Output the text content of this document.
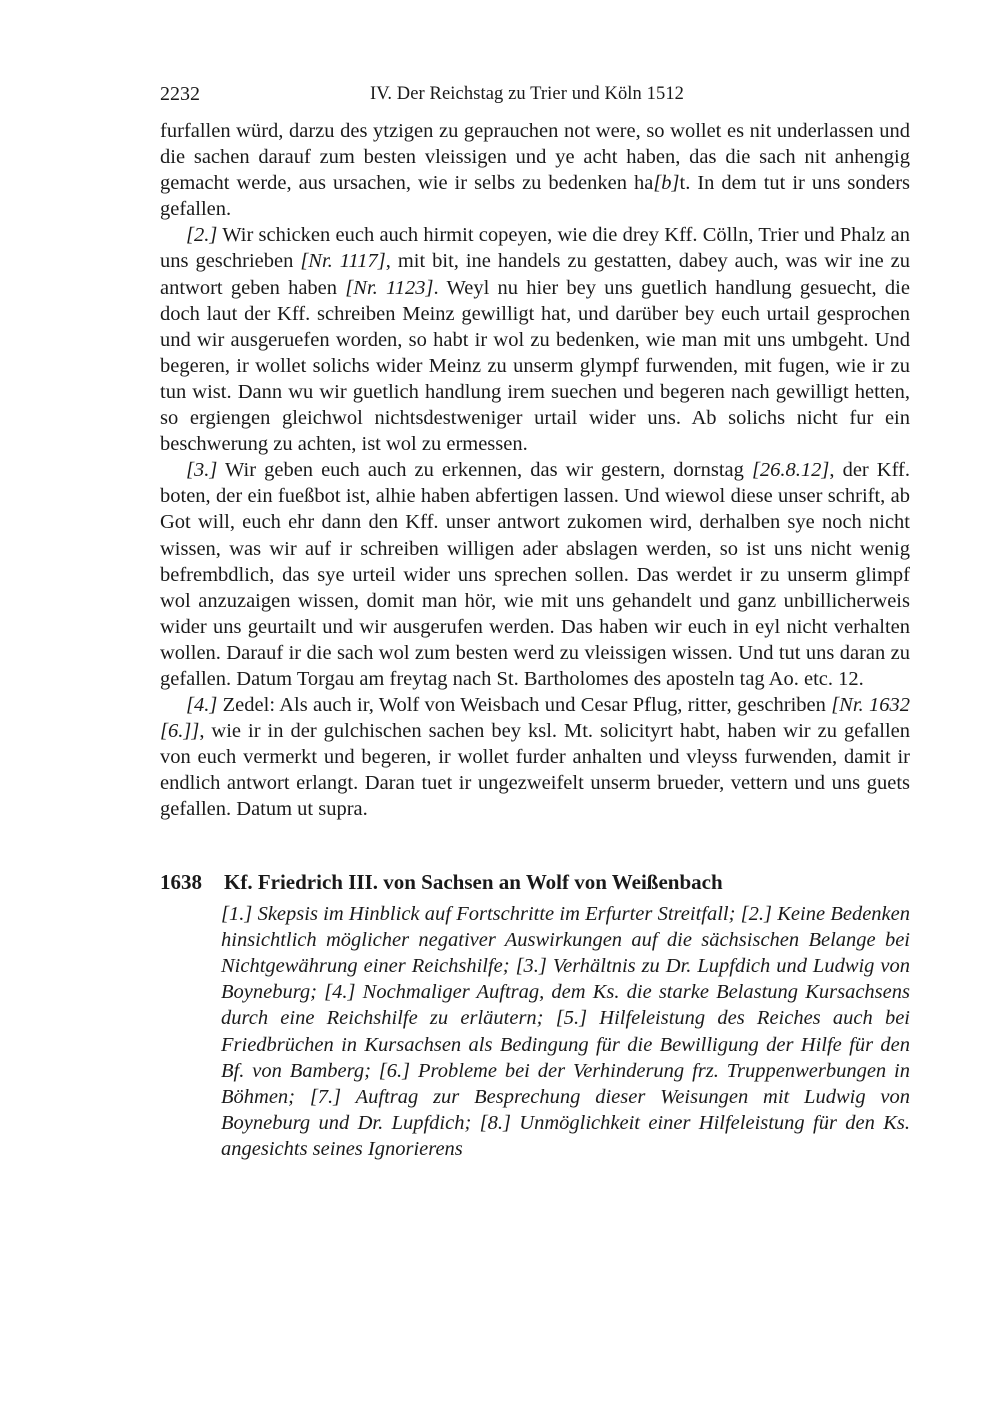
2232	IV. Der Reichstag zu Trier und Köln 1512

furfallen würd, darzu des ytzigen zu geprauchen not were, so wollet es nit underlassen und die sachen darauf zum besten vleissigen und ye acht haben, das die sach nit anhengig gemacht werde, aus ursachen, wie ir selbs zu bedenken ha[b]t. In dem tut ir uns sonders gefallen.

[2.] Wir schicken euch auch hirmit copeyen, wie die drey Kff. Cölln, Trier und Phalz an uns geschrieben [Nr. 1117], mit bit, ine handels zu gestatten, dabey auch, was wir ine zu antwort geben haben [Nr. 1123]. Weyl nu hier bey uns guetlich handlung gesuecht, die doch laut der Kff. schreiben Meinz gewilligt hat, und darüber bey euch urtail gesprochen und wir ausgeruefen worden, so habt ir wol zu bedenken, wie man mit uns umbgeht. Und begeren, ir wollet solichs wider Meinz zu unserm glympf furwenden, mit fugen, wie ir zu tun wist. Dann wu wir guetlich handlung irem suechen und begeren nach gewilligt hetten, so ergiengen gleichwol nichtsdestweniger urtail wider uns. Ab solichs nicht fur ein beschwerung zu achten, ist wol zu ermessen.

[3.] Wir geben euch auch zu erkennen, das wir gestern, dornstag [26.8.12], der Kff. boten, der ein fueßbot ist, alhie haben abfertigen lassen. Und wiewol diese unser schrift, ab Got will, euch ehr dann den Kff. unser antwort zukomen wird, derhalben sye noch nicht wissen, was wir auf ir schreiben willigen ader abslagen werden, so ist uns nicht wenig befrembdlich, das sye urteil wider uns sprechen sollen. Das werdet ir zu unserm glimpf wol anzuzaigen wissen, domit man hör, wie mit uns gehandelt und ganz unbillicherweis wider uns geurtailt und wir ausgerufen werden. Das haben wir euch in eyl nicht verhalten wollen. Darauf ir die sach wol zum besten werd zu vleissigen wissen. Und tut uns daran zu gefallen. Datum Torgau am freytag nach St. Bartholomes des aposteln tag Ao. etc. 12.

[4.] Zedel: Als auch ir, Wolf von Weisbach und Cesar Pflug, ritter, geschriben [Nr. 1632 [6.]], wie ir in der gulchischen sachen bey ksl. Mt. solicityrt habt, haben wir zu gefallen von euch vermerkt und begeren, ir wollet furder anhalten und vleyss furwenden, damit ir endlich antwort erlangt. Daran tuet ir ungezweifelt unserm brueder, vettern und uns guets gefallen. Datum ut supra.

1638 Kf. Friedrich III. von Sachsen an Wolf von Weißenbach
[1.] Skepsis im Hinblick auf Fortschritte im Erfurter Streitfall; [2.] Keine Bedenken hinsichtlich möglicher negativer Auswirkungen auf die sächsischen Belange bei Nichtgewährung einer Reichshilfe; [3.] Verhältnis zu Dr. Lupfdich und Ludwig von Boyneburg; [4.] Nochmaliger Auftrag, dem Ks. die starke Belastung Kursachsens durch eine Reichshilfe zu erläutern; [5.] Hilfeleistung des Reiches auch bei Friedbrüchen in Kursachsen als Bedingung für die Bewilligung der Hilfe für den Bf. von Bamberg; [6.] Probleme bei der Verhinderung frz. Truppenwerbungen in Böhmen; [7.] Auftrag zur Besprechung dieser Weisungen mit Ludwig von Boyneburg und Dr. Lupfdich; [8.] Unmöglichkeit einer Hilfeleistung für den Ks. angesichts seines Ignorierens
